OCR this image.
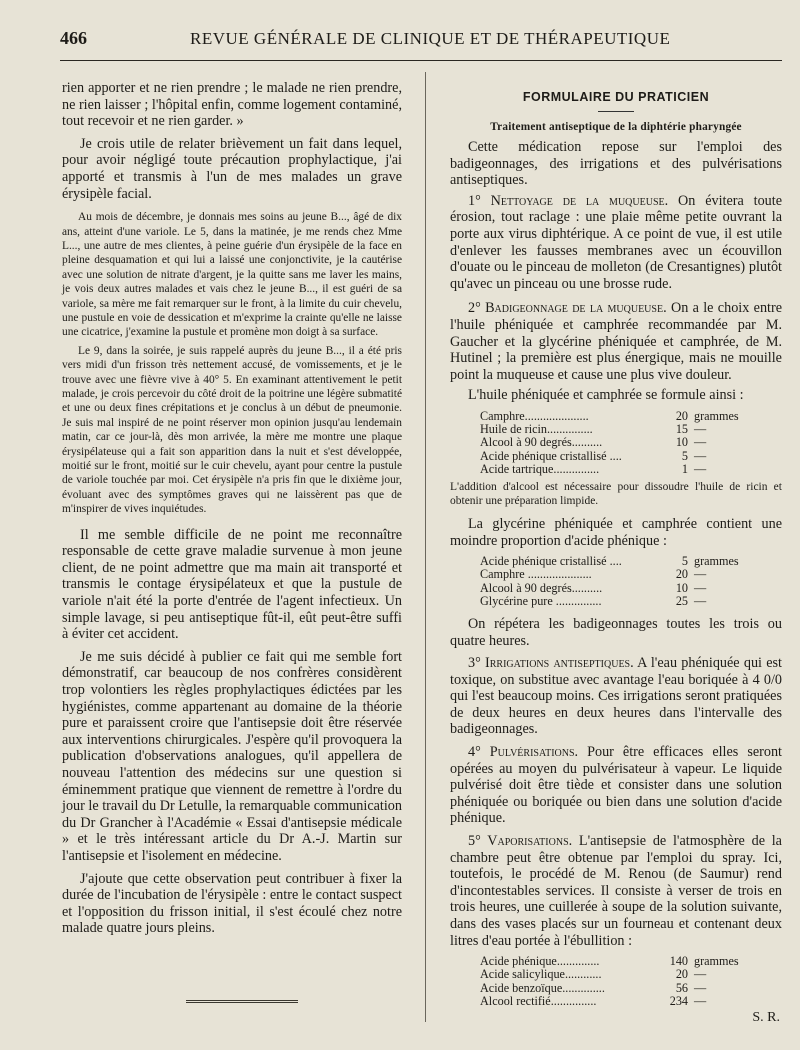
466	REVUE GÉNÉRALE DE CLINIQUE ET DE THÉRAPEUTIQUE

rien apporter et ne rien prendre ; le malade ne rien prendre, ne rien laisser ; l'hôpital enfin, comme logement contaminé, tout recevoir et ne rien garder. »

Je crois utile de relater brièvement un fait dans lequel, pour avoir négligé toute précaution prophylactique, j'ai apporté et transmis à l'un de mes malades un grave érysipèle facial.

Au mois de décembre, je donnais mes soins au jeune B..., âgé de dix ans, atteint d'une variole. Le 5, dans la matinée, je me rends chez Mme L..., une autre de mes clientes, à peine guérie d'un érysipèle de la face en pleine desquamation et qui lui a laissé une conjonctivite, je la cautérise avec une solution de nitrate d'argent, je la quitte sans me laver les mains, je vois deux autres malades et vais chez le jeune B..., il est guéri de sa variole, sa mère me fait remarquer sur le front, à la limite du cuir chevelu, une pustule en voie de dessication et m'exprime la crainte qu'elle ne laisse une cicatrice, j'examine la pustule et promène mon doigt à sa surface.

Le 9, dans la soirée, je suis rappelé auprès du jeune B..., il a été pris vers midi d'un frisson très nettement accusé, de vomissements, et je le trouve avec une fièvre vive à 40° 5. En examinant attentivement le petit malade, je crois percevoir du côté droit de la poitrine une légère submatité et une ou deux fines crépitations et je conclus à un début de pneumonie. Je suis mal inspiré de ne point réserver mon opinion jusqu'au lendemain matin, car ce jour-là, dès mon arrivée, la mère me montre une plaque érysipélateuse qui a fait son apparition dans la nuit et s'est développée, moitié sur le front, moitié sur le cuir chevelu, ayant pour centre la pustule de variole touchée par moi. Cet érysipèle n'a pris fin que le dixième jour, évoluant avec des symptômes graves qui ne laissèrent pas que de m'inspirer de vives inquiétudes.

Il me semble difficile de ne point me reconnaître responsable de cette grave maladie survenue à mon jeune client, de ne point admettre que ma main ait transporté et transmis le contage érysipélateux et que la pustule de variole n'ait été la porte d'entrée de l'agent infectieux. Un simple lavage, si peu antiseptique fût-il, eût peut-être suffi à éviter cet accident.

Je me suis décidé à publier ce fait qui me semble fort démonstratif, car beaucoup de nos confrères considèrent trop volontiers les règles prophylactiques édictées par les hygiénistes, comme appartenant au domaine de la théorie pure et paraissent croire que l'antisepsie doit être réservée aux interventions chirurgicales. J'espère qu'il provoquera la publication d'observations analogues, qu'il appellera de nouveau l'attention des médecins sur une question si éminemment pratique que viennent de remettre à l'ordre du jour le travail du Dr Letulle, la remarquable communication du Dr Grancher à l'Académie « Essai d'antisepsie médicale » et le très intéressant article du Dr A.-J. Martin sur l'antisepsie et l'isolement en médecine.

J'ajoute que cette observation peut contribuer à fixer la durée de l'incubation de l'érysipèle : entre le contact suspect et l'opposition du frisson initial, il s'est écoulé chez notre malade quatre jours pleins.

FORMULAIRE DU PRATICIEN
Traitement antiseptique de la diphtérie pharyngée

Cette médication repose sur l'emploi des badigeonnages, des irrigations et des pulvérisations antiseptiques.

1° Nettoyage de la muqueuse. On évitera toute érosion, tout raclage : une plaie même petite ouvrant la porte aux virus diphtérique. A ce point de vue, il est utile d'enlever les fausses membranes avec un écouvillon d'ouate ou le pinceau de molleton (de Cresantignes) plutôt qu'avec un pinceau ou une brosse rude.

2° Badigeonnage de la muqueuse. On a le choix entre l'huile phéniquée et camphrée recommandée par M. Gaucher et la glycérine phéniquée et camphrée, de M. Hutinel ; la première est plus énergique, mais ne mouille point la muqueuse et cause une plus vive douleur.

L'huile phéniquée et camphrée se formule ainsi :

Camphre.....................	20 grammes
Huile de ricin...............	15 —
Alcool à 90 degrés..........	10 —
Acide phénique cristallisé ....	5 —
Acide tartrique...............	1 —

L'addition d'alcool est nécessaire pour dissoudre l'huile de ricin et obtenir une préparation limpide.

La glycérine phéniquée et camphrée contient une moindre proportion d'acide phénique :

Acide phénique cristallisé ....	5 grammes
Camphre .....................	20 —
Alcool à 90 degrés..........	10 —
Glycérine pure ...............	25 —

On répétera les badigeonnages toutes les trois ou quatre heures.

3° Irrigations antiseptiques. A l'eau phéniquée qui est toxique, on substitue avec avantage l'eau boriquée à 4 0/0 qui l'est beaucoup moins. Ces irrigations seront pratiquées de deux heures en deux heures dans l'intervalle des badigeonnages.

4° Pulvérisations. Pour être efficaces elles seront opérées au moyen du pulvérisateur à vapeur. Le liquide pulvérisé doit être tiède et consister dans une solution phéniquée ou boriquée ou bien dans une solution d'acide phénique.

5° Vaporisations. L'antisepsie de l'atmosphère de la chambre peut être obtenue par l'emploi du spray. Ici, toutefois, le procédé de M. Renou (de Saumur) rend d'incontestables services. Il consiste à verser de trois en trois heures, une cuillerée à soupe de la solution suivante, dans des vases placés sur un fourneau et contenant deux litres d'eau portée à l'ébullition :

Acide phénique..............	140 grammes
Acide salicylique............	20 —
Acide benzoïque..............	56 —
Alcool rectifié...............	234 —
S. R.
